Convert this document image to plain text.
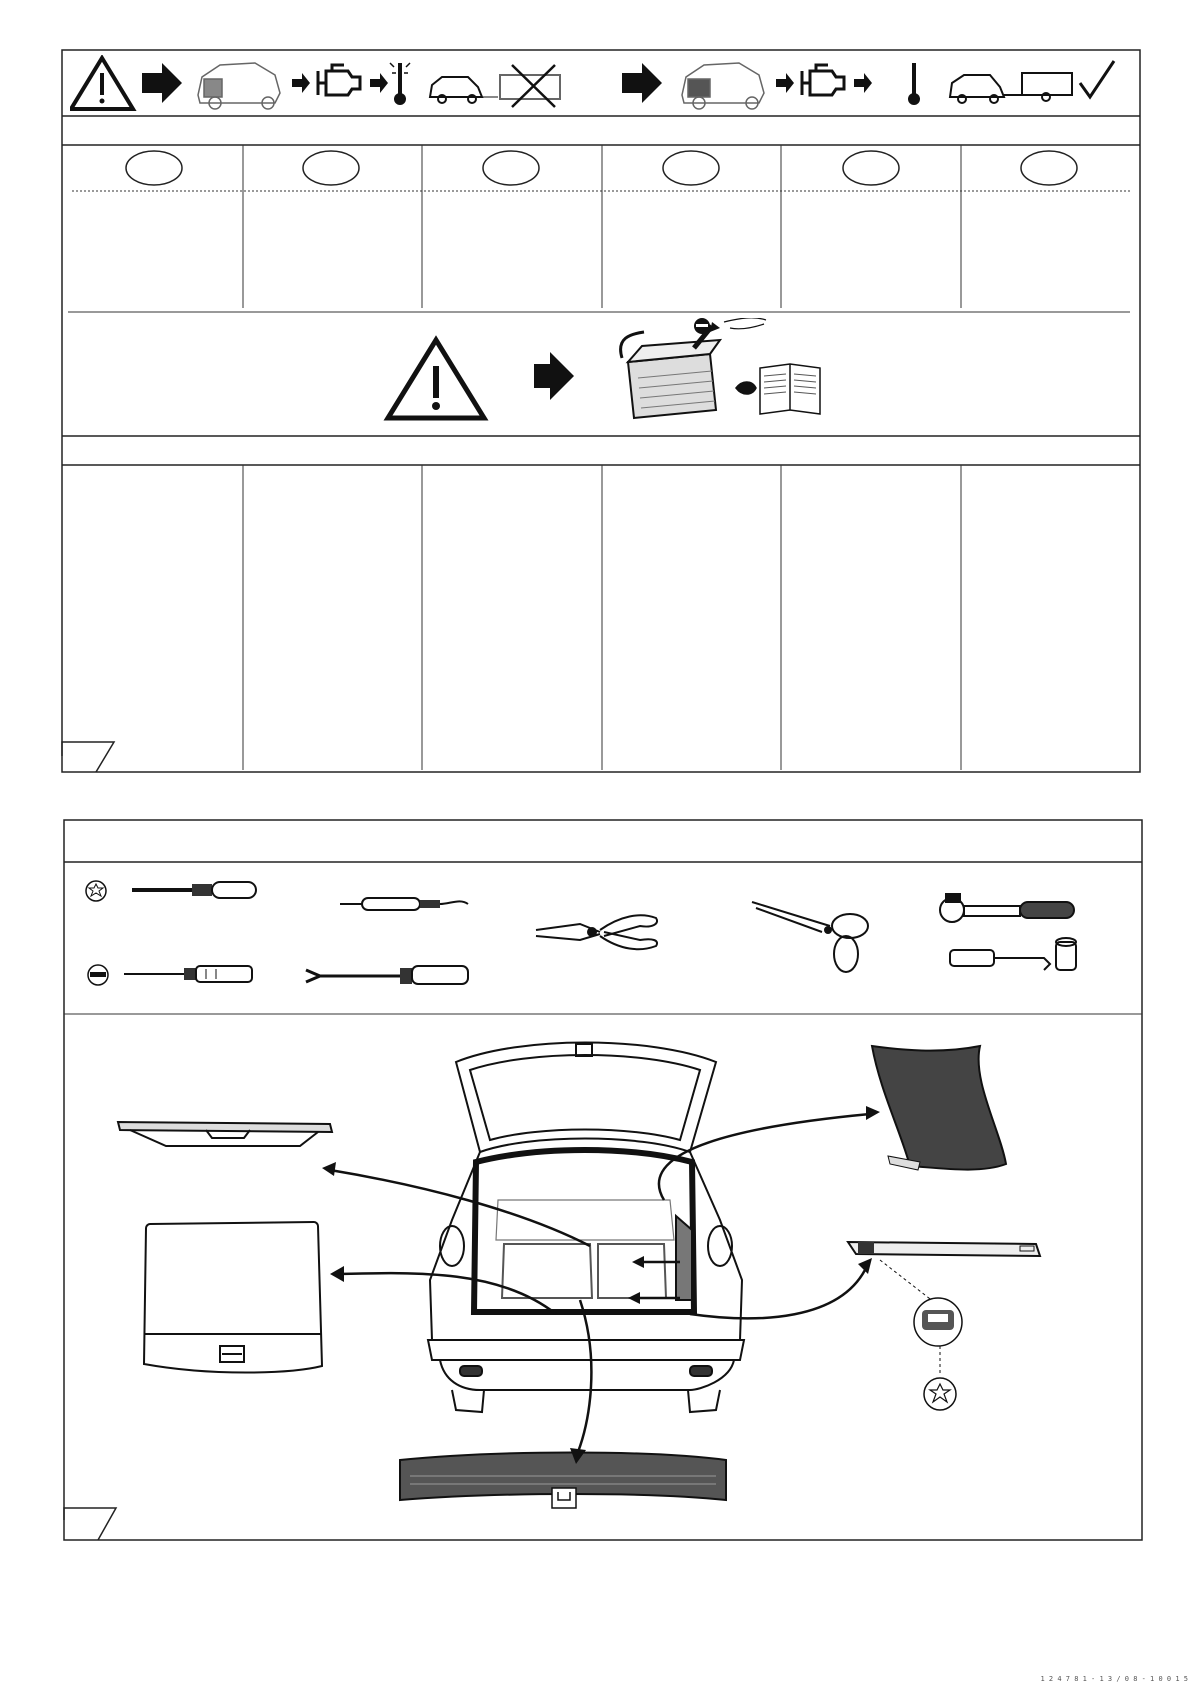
1 2 4 7 8 1 - 1 3 / 0 8 - 1 0 0 1 5
